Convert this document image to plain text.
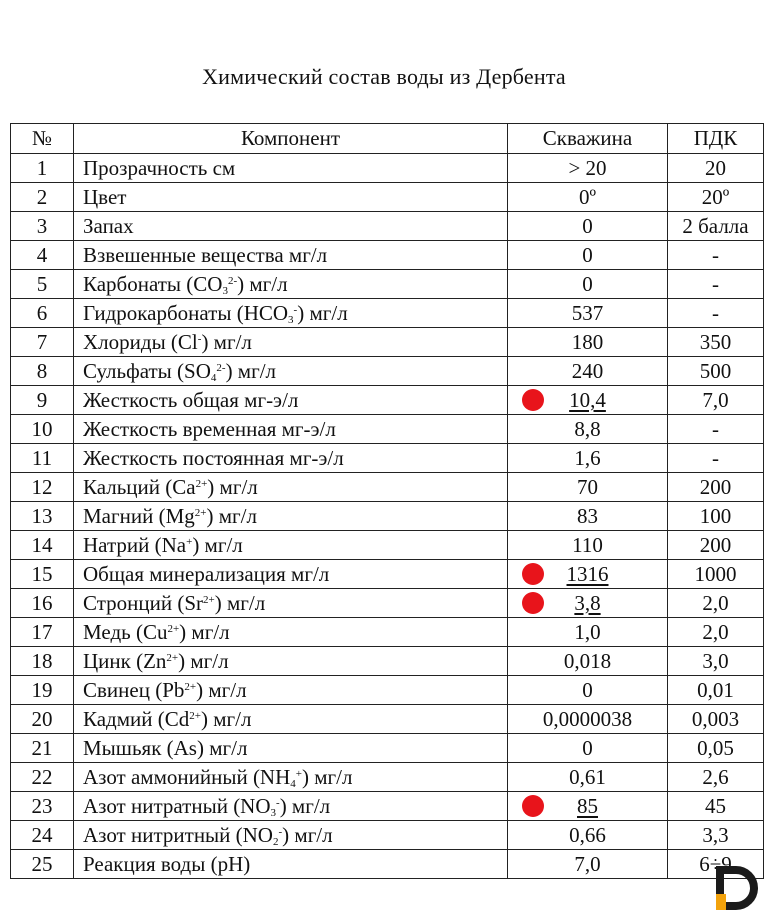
Химический состав воды из Дербента
№	Компонент	Скважина	ПДК
1	Прозрачность см	> 20	20
2	Цвет	0º	20º
3	Запах	0	2 балла
4	Взвешенные вещества мг/л	0	-
5	Карбонаты $(CO_3^{2-})$ мг/л	0	-
6	Гидрокарбонаты $(HCO_3^-)$ мг/л	537	-
7	Хлориды (Cl-) мг/л	180	350
8	Сульфаты $(SO_4^{2-})$ мг/л	240	500
9	Жесткость общая мг-э/л	10,4	7,0
10	Жесткость временная мг-э/л	8,8	-
11	Жесткость постоянная мг-э/л	1,6	-
12	Кальций $(Ca^{2+})$ мг/л	70	200
13	Магний $(Mg^{2+})$ мг/л	83	100
14	Натрий (Na+) мг/л	110	200
15	Общая минерализация мг/л	1316	1000
16	Стронций $(Sr^{2+})$ мг/л	3,8	2,0
17	Медь $(Cu^{2+})$ мг/л	1,0	2,0
18	Цинк $(Zn^{2+})$ мг/л	0,018	3,0
19	Свинец $(Pb^{2+})$ мг/л	0	0,01
20	Кадмий $(Cd^{2+})$ мг/л	0,0000038	0,003
21	Мышьяк (As) мг/л	0	0,05
22	Азот аммонийный $(NH_4^+)$ мг/л	0,61	2,6
23	Азот нитратный $(NO_3^-)$ мг/л	85	45
24	Азот нитритный $(NO_2^-)$ мг/л	0,66	3,3
25	Реакция воды (pH)	7,0	6÷9
